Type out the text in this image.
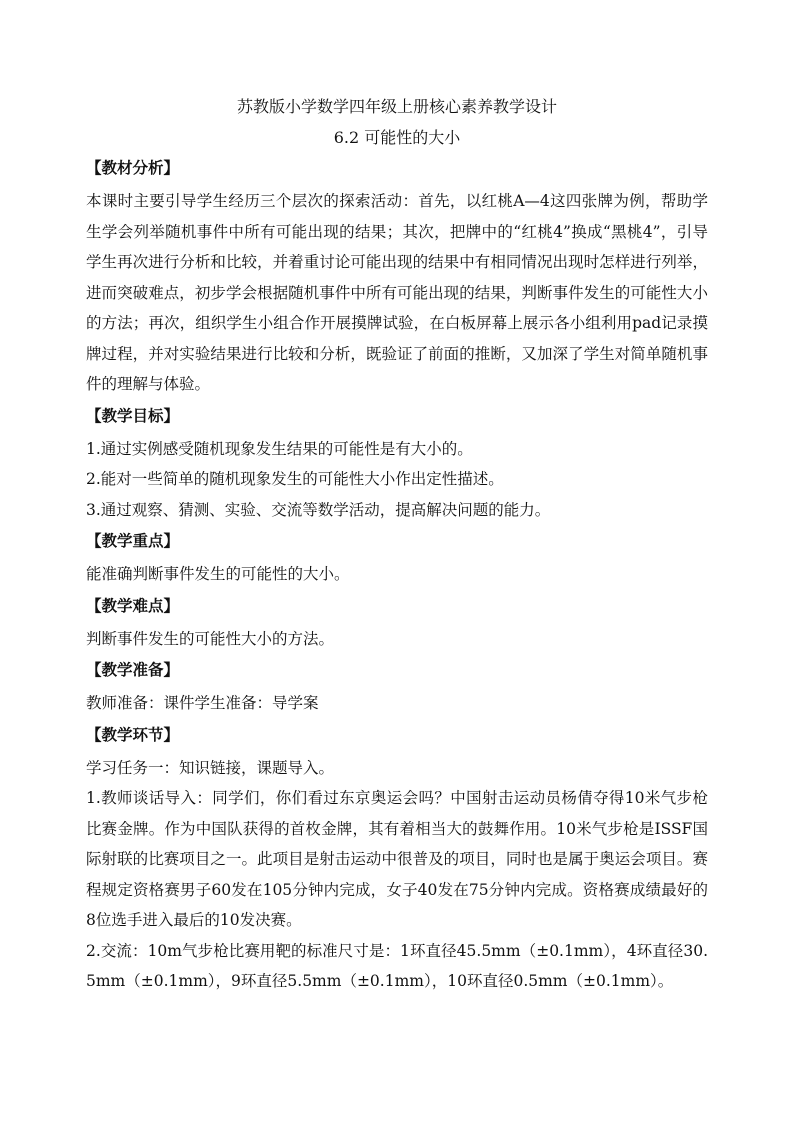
苏教版小学数学四年级上册核心素养教学设计
6.2 可能性的大小
【教材分析】
本课时主要引导学生经历三个层次的探索活动：首先，以红桃A—4这四张牌为例，帮助学生学会列举随机事件中所有可能出现的结果；其次，把牌中的“红桃4”换成“黑桃4”，引导学生再次进行分析和比较，并着重讨论可能出现的结果中有相同情况出现时怎样进行列举，进而突破难点，初步学会根据随机事件中所有可能出现的结果，判断事件发生的可能性大小的方法；再次，组织学生小组合作开展摸牌试验，在白板屏幕上展示各小组利用pad记录摸牌过程，并对实验结果进行比较和分析，既验证了前面的推断，又加深了学生对简单随机事件的理解与体验。
【教学目标】
1.通过实例感受随机现象发生结果的可能性是有大小的。
2.能对一些简单的随机现象发生的可能性大小作出定性描述。
3.通过观察、猜测、实验、交流等数学活动，提高解决问题的能力。
【教学重点】
能准确判断事件发生的可能性的大小。
【教学难点】
判断事件发生的可能性大小的方法。
【教学准备】
教师准备：课件学生准备：导学案
【教学环节】
学习任务一：知识链接，课题导入。
1.教师谈话导入：同学们，你们看过东京奥运会吗？中国射击运动员杨倩夺得10米气步枪比赛金牌。作为中国队获得的首枚金牌，其有着相当大的鼓舞作用。10米气步枪是ISSF国际射联的比赛项目之一。此项目是射击运动中很普及的项目，同时也是属于奥运会项目。赛程规定资格赛男子60发在105分钟内完成，女子40发在75分钟内完成。资格赛成绩最好的8位选手进入最后的10发决赛。
2.交流：10m气步枪比赛用靶的标准尺寸是：1环直径45.5mm（±0.1mm），4环直径30.5mm（±0.1mm），9环直径5.5mm（±0.1mm），10环直径0.5mm（±0.1mm）。
